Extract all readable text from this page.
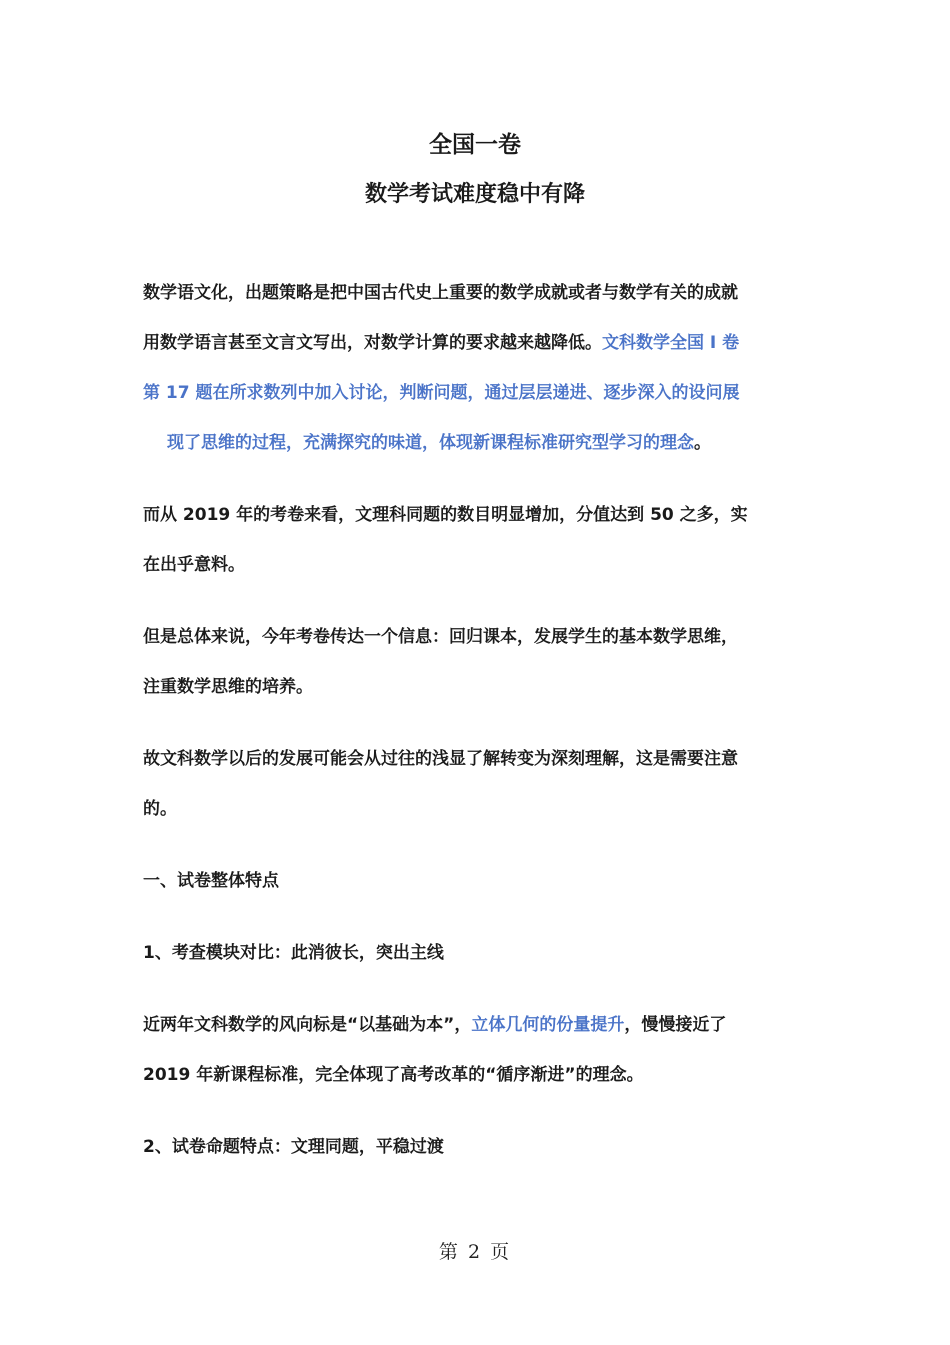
全国一卷
数学考试难度稳中有降
数学语文化，出题策略是把中国古代史上重要的数学成就或者与数学有关的成就
用数学语言甚至文言文写出，对数学计算的要求越来越降低。文科数学全国 I 卷
第 17 题在所求数列中加入讨论，判断问题，通过层层递进、逐步深入的设问展
现了思维的过程，充满探究的味道，体现新课程标准研究型学习的理念。
而从 2019 年的考卷来看，文理科同题的数目明显增加，分值达到 50 之多，实
在出乎意料。
但是总体来说，今年考卷传达一个信息：回归课本，发展学生的基本数学思维，
注重数学思维的培养。
故文科数学以后的发展可能会从过往的浅显了解转变为深刻理解，这是需要注意
的。
一、试卷整体特点
1、考查模块对比：此消彼长，突出主线
近两年文科数学的风向标是“以基础为本”，立体几何的份量提升，慢慢接近了
2019 年新课程标准，完全体现了高考改革的“循序渐进”的理念。
2、试卷命题特点：文理同题，平稳过渡
第 2 页
